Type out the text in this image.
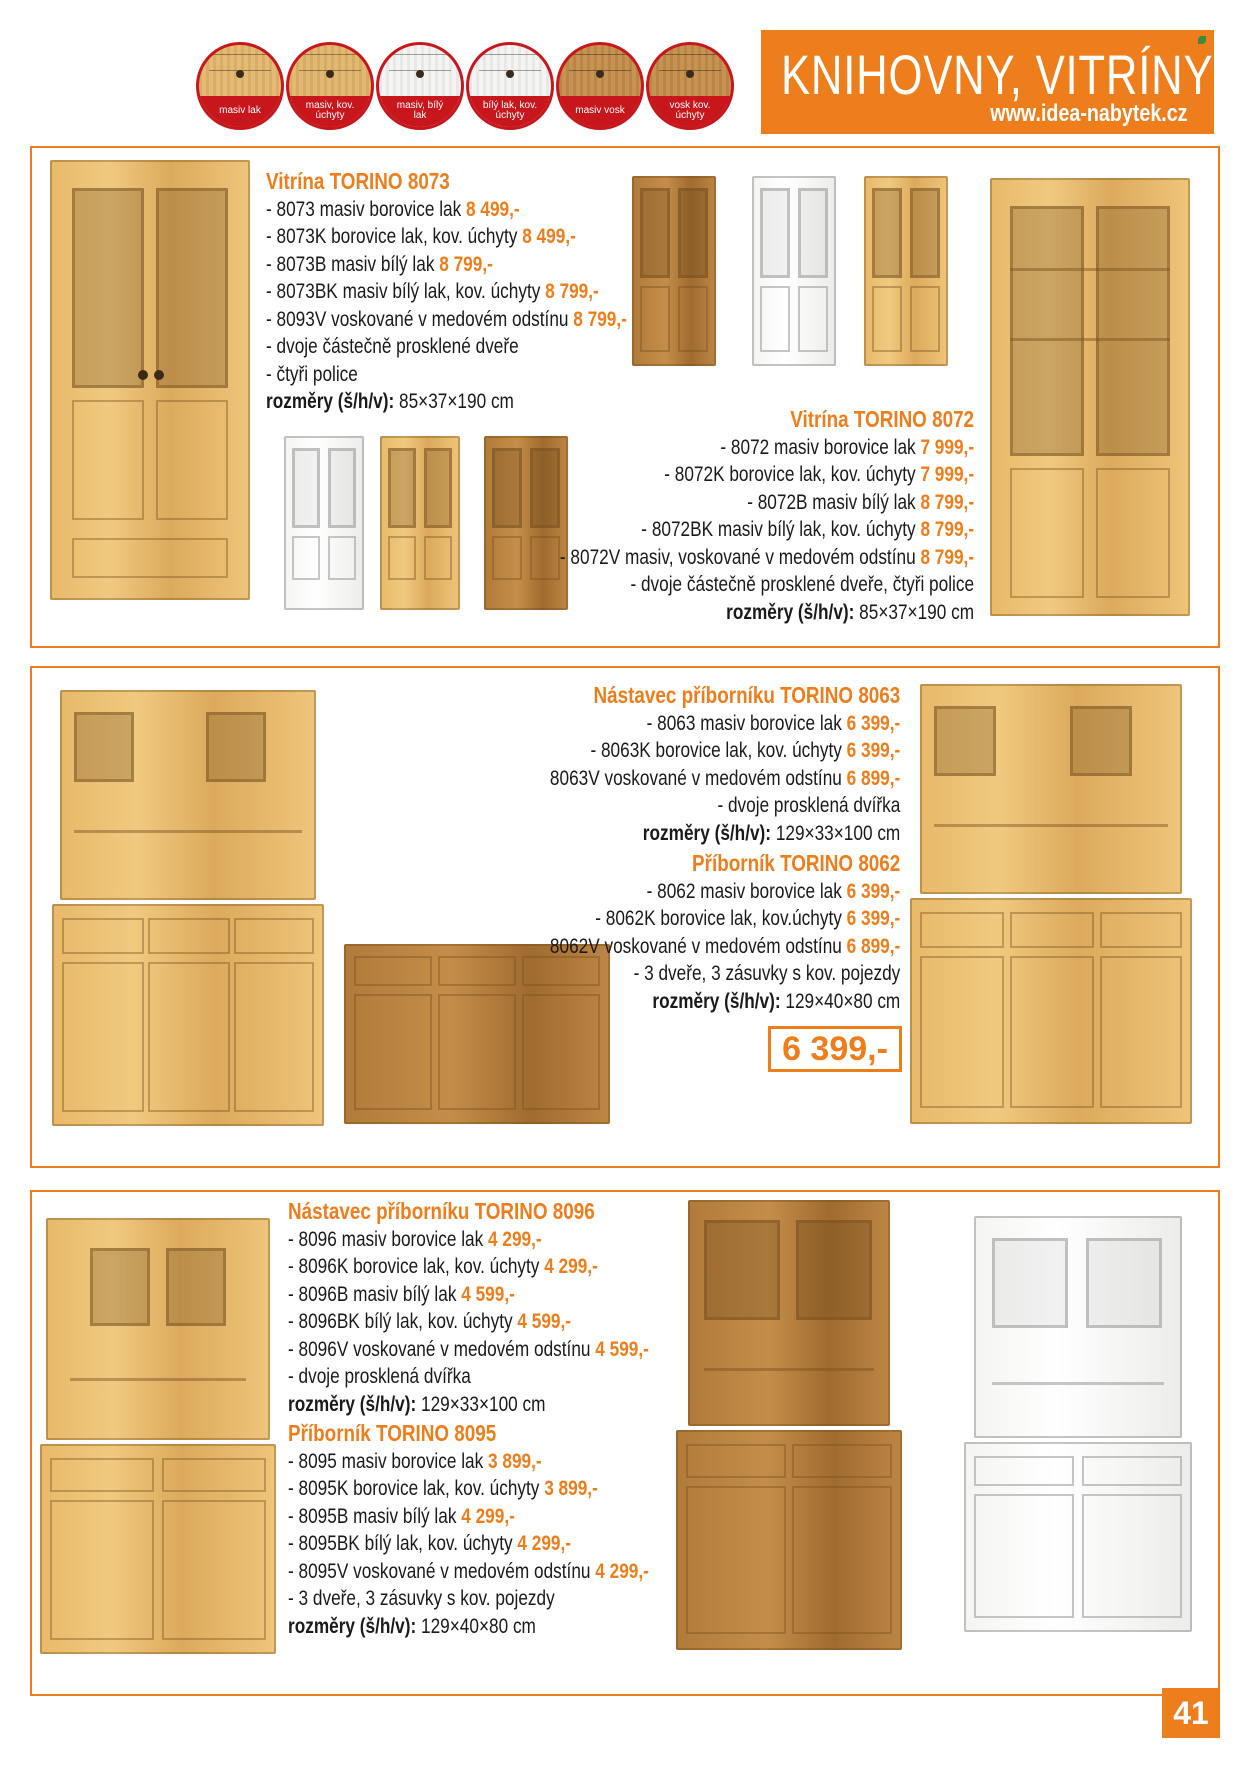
masiv lak	masiv, kov. úchyty
masiv, bílý lak
bílý lak, kov. úchyty	masiv vosk	vosk kov. úchyty
KNIHOVNY, VITRÍNY
www.idea-nabytek.cz
Vitrína TORINO 8073
- 8073 masiv borovice lak 8 499,-
- 8073K borovice lak, kov. úchyty 8 499,-
- 8073B masiv bílý lak 8 799,-
- 8073BK masiv bílý lak, kov. úchyty 8 799,-
- 8093V voskované v medovém odstínu 8 799,-
- dvoje částečně prosklené dveře
- čtyři police
rozměry (š/h/v): 85×37×190 cm
Vitrína TORINO 8072
- 8072 masiv borovice lak 7 999,-
- 8072K borovice lak, kov. úchyty 7 999,-
- 8072B masiv bílý lak 8 799,-
- 8072BK masiv bílý lak, kov. úchyty 8 799,-
- 8072V masiv, voskované v medovém odstínu 8 799,-
- dvoje částečně prosklené dveře, čtyři police
rozměry (š/h/v): 85×37×190 cm
Nástavec příborníku TORINO 8063
- 8063 masiv borovice lak 6 399,-
- 8063K borovice lak, kov. úchyty 6 399,-
8063V voskované v medovém odstínu 6 899,-
- dvoje prosklená dvířka
rozměry (š/h/v): 129×33×100 cm
Příborník TORINO 8062
- 8062 masiv borovice lak 6 399,-
- 8062K borovice lak, kov.úchyty 6 399,-
8062V voskované v medovém odstínu 6 899,-
- 3 dveře, 3 zásuvky s kov. pojezdy
rozměry (š/h/v): 129×40×80 cm
6 399,-
Nástavec příborníku TORINO 8096
- 8096 masiv borovice lak 4 299,-
- 8096K borovice lak, kov. úchyty 4 299,-
- 8096B masiv bílý lak 4 599,-
- 8096BK bílý lak, kov. úchyty 4 599,-
- 8096V voskované v medovém odstínu 4 599,-
- dvoje prosklená dvířka
rozměry (š/h/v): 129×33×100 cm
Příborník TORINO 8095
- 8095 masiv borovice lak 3 899,-
- 8095K borovice lak, kov. úchyty 3 899,-
- 8095B masiv bílý lak 4 299,-
- 8095BK bílý lak, kov. úchyty 4 299,-
- 8095V voskované v medovém odstínu 4 299,-
- 3 dveře, 3 zásuvky s kov. pojezdy
rozměry (š/h/v): 129×40×80 cm
41
